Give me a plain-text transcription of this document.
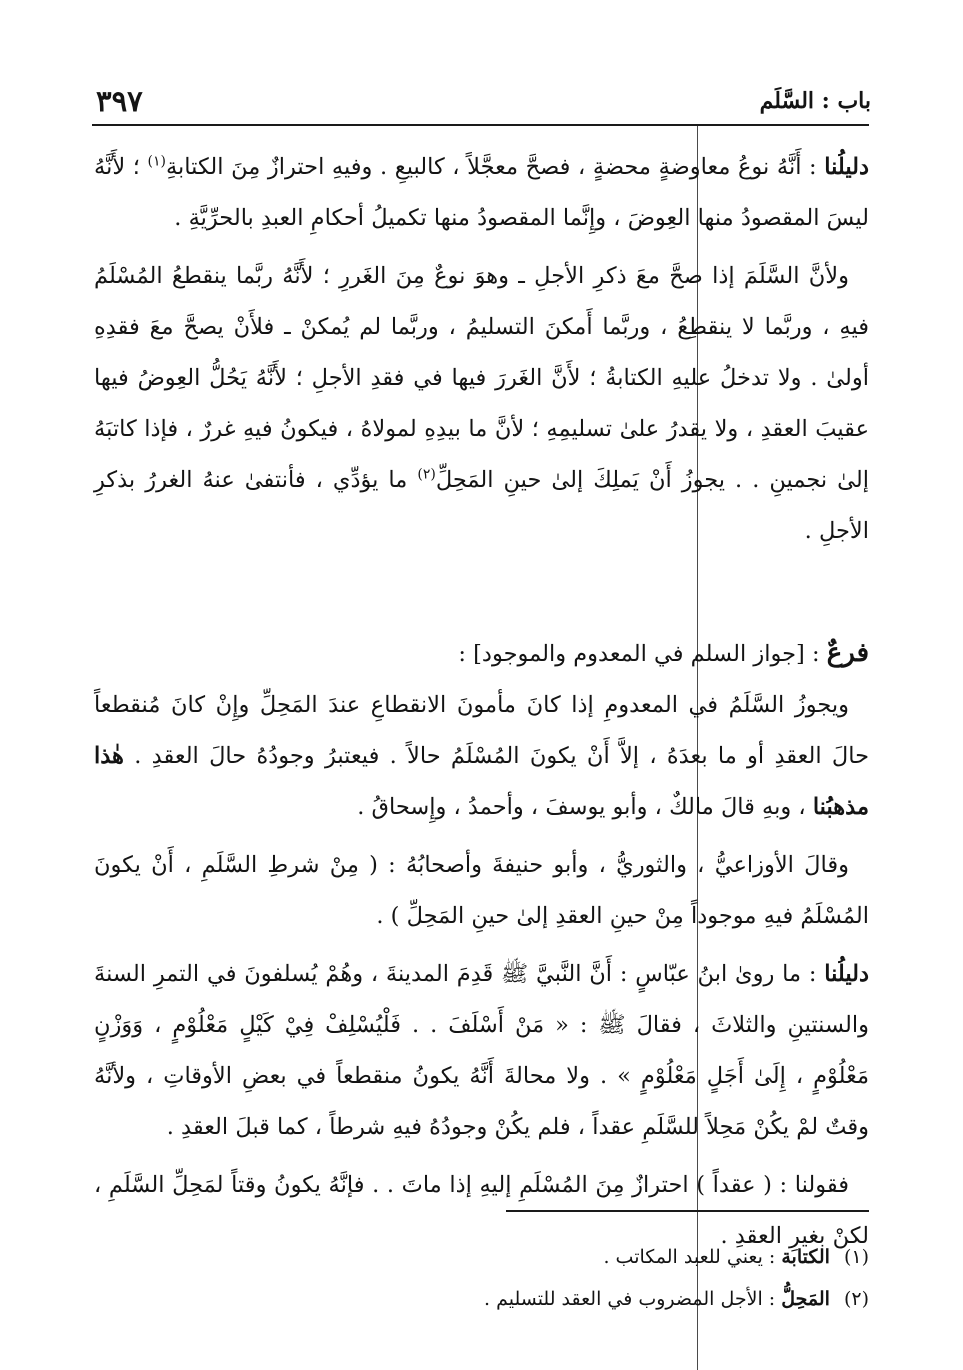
٣٩٧	باب : السَّلَم

دليلُنا : أَنَّهُ نوعُ معاوضةٍ محضةٍ ، فصحَّ معجَّلاً ، كالبيعِ . وفيهِ احترازٌ مِنَ الكتابةِ$^{(١)}$ ؛ لأَنَّهُ ليسَ المقصودُ منها العِوضَ ، وإِنَّما المقصودُ منها تكميلُ أحكامِ العبدِ بالحرِّيَّةِ .

ولأنَّ السَّلَمَ إذا صحَّ معَ ذكرِ الأجلِ ـ وهوَ نوعٌ مِنَ الغَررِ ؛ لأَنَّهُ ربَّما ينقطعُ المُسْلَمُ فيهِ ، وربَّما لا ينقطِعُ ، وربَّما أَمكنَ التسليمُ ، وربَّما لم يُمكنْ ـ فلأَنْ يصحَّ معَ فقدِهِ أولىٰ . ولا تدخلُ عليهِ الكتابةُ ؛ لأَنَّ الغَررَ فيها في فقدِ الأجلِ ؛ لأَنَّهُ يَحُلُّ العِوضُ فيها عقيبَ العقدِ ، ولا يقدرُ علىٰ تسليمِهِ ؛ لأنَّ ما بيدِهِ لمولاهُ ، فيكونُ فيهِ غررٌ ، فإذا كاتبَهُ إلىٰ نجمينِ . . يجوزُ أَنْ يَملِكَ إلىٰ حينِ المَحِلِّ$^{(٢)}$ ما يؤدِّي ، فأنتفىٰ عنهُ الغررُ بذكرِ الأجلِ .

فرعٌ : [جواز السلم في المعدوم والموجود] :

ويجوزُ السَّلَمُ في المعدومِ إذا كانَ مأمونَ الانقطاعِ عندَ المَحِلِّ وإِنْ كانَ مُنقطعاً حالَ العقدِ أو ما بعدَهُ ، إلاَّ أَنْ يكونَ المُسْلَمُ حالاً . فيعتبرُ وجودُهُ حالَ العقدِ . هٰذا مذهبُنا ، وبهِ قالَ مالكٌ ، وأبو يوسفَ ، وأحمدُ ، وإِسحاقُ .

وقالَ الأوزاعيُّ ، والثوريُّ ، وأبو حنيفةَ وأصحابُهُ : ( مِنْ شرطِ السَّلَمِ ، أَنْ يكونَ المُسْلَمُ فيهِ موجوداً مِنْ حينِ العقدِ إلىٰ حينِ المَحِلِّ ) .

دليلُنا : ما روىٰ ابنُ عبّاسٍ : أَنَّ النَّبيَّ ﷺ قَدِمَ المدينةَ ، وهُمْ يُسلفونَ في التمرِ السنةَ والسنتينِ والثلاثَ ، فقالَ ﷺ : « مَنْ أَسْلَفَ . . فَلْيُسْلِفْ فِيْ كَيْلٍ مَعْلُوْمٍ ، وَوَزْنٍ مَعْلُوْمٍ ، إِلَىٰ أَجَلٍ مَعْلُوْمٍ » . ولا محالةَ أَنَّهُ يكونُ منقطعاً في بعضِ الأوقاتِ ، ولأنَّهُ وقتٌ لمْ يكُنْ مَحِلاً للسَّلَمِ عقداً ، فلم يكُنْ وجودُهُ فيهِ شرطاً ، كما قبلَ العقدِ .

فقولنا : ( عقداً ) احترازٌ مِنَ المُسْلَمِ إليهِ إذا ماتَ . . فإنَّهُ يكونُ وقتاً لمَحِلِّ السَّلَمِ ، لكنْ بغيرِ العقدِ .

(١)الكتابة : يعني للعبد المكاتب .
(٢)المَحِلُّ : الأجل المضروب في العقد للتسليم .
